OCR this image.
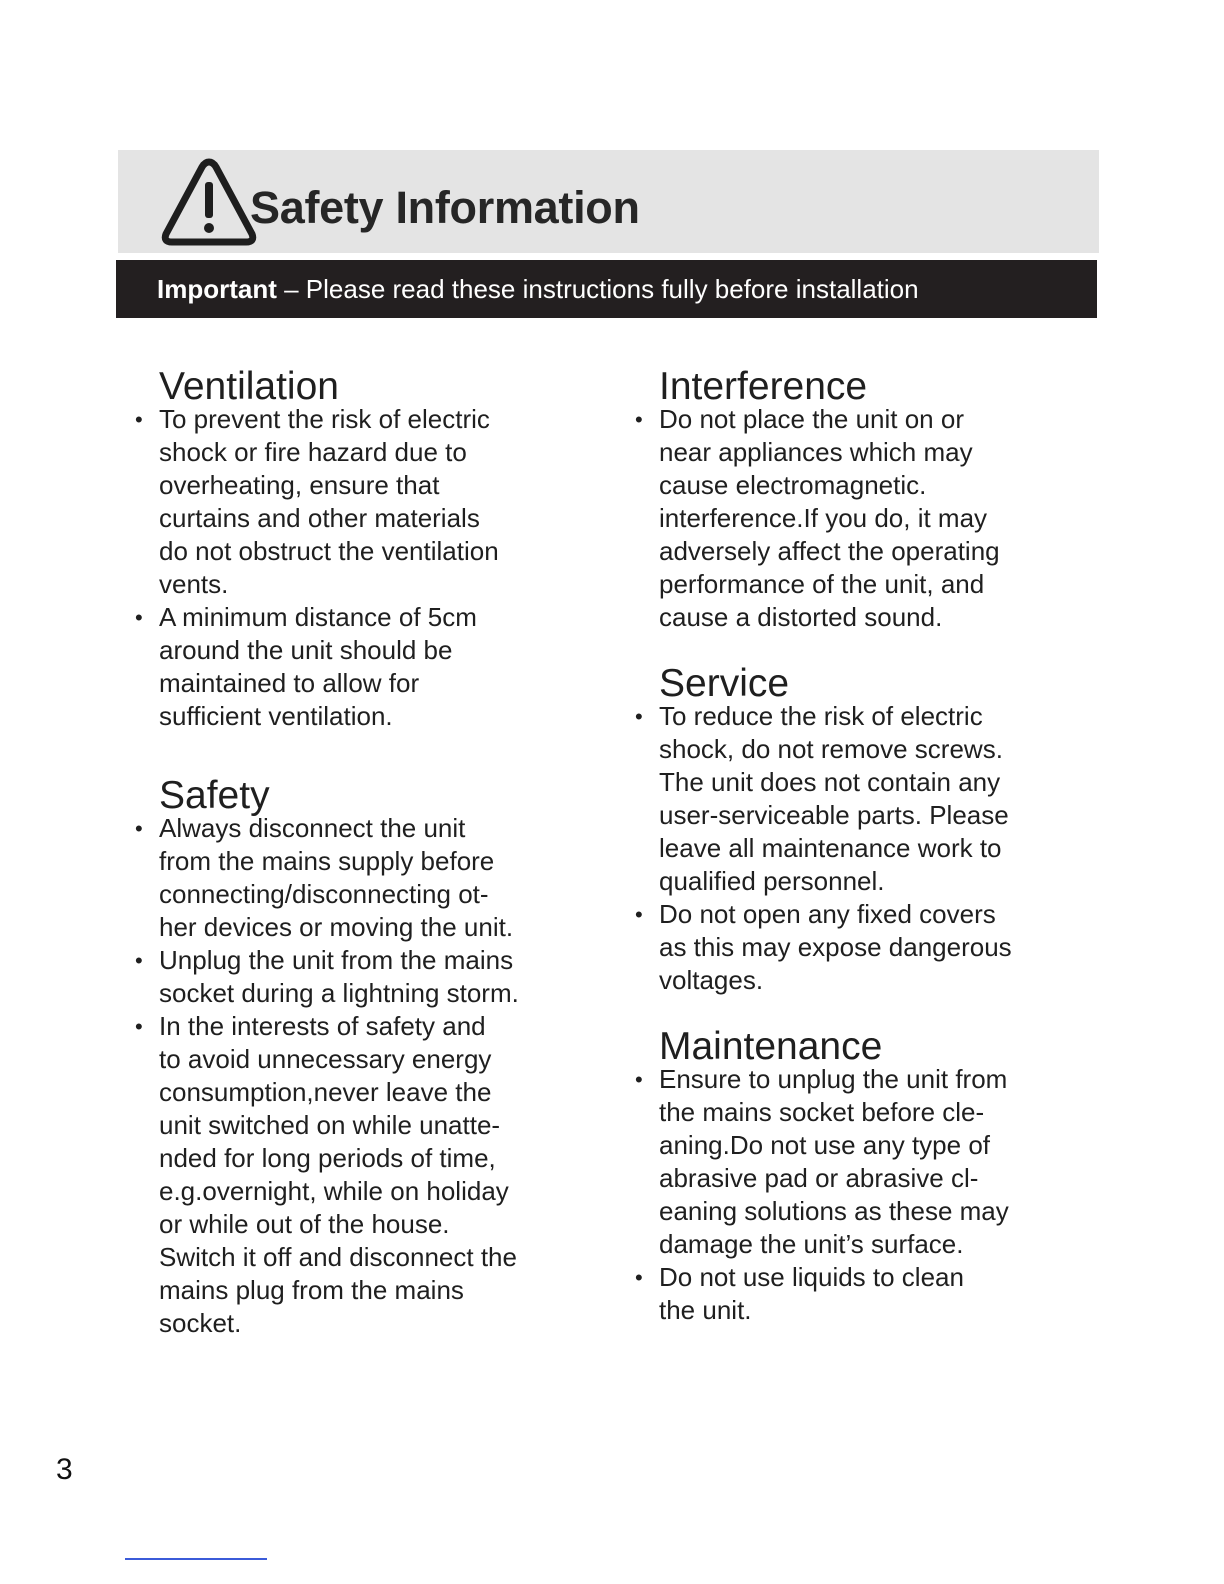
Safety Information
Important – Please read these instructions fully before installation
Ventilation
• To prevent the risk of electric
shock or fire hazard due to
overheating, ensure that
curtains and other materials
do not obstruct the ventilation
vents.
• A minimum distance of 5cm
around the unit should be
maintained to allow for
sufficient ventilation.
Safety
• Always disconnect the unit
from the mains supply before
connecting/disconnecting ot-
her devices or moving the unit.
• Unplug the unit from the mains
socket during a lightning storm.
• In the interests of safety and
to avoid unnecessary energy
consumption,never leave the
unit switched on while unatte-
nded for long periods of time,
e.g.overnight, while on holiday
or while out of the house.
Switch it off and disconnect the
mains plug from the mains
socket.
Interference
• Do not place the unit on or
near appliances which may
cause electromagnetic.
interference.If you do, it may
adversely affect the operating
performance of the unit, and
cause a distorted sound.
Service
• To reduce the risk of electric
shock, do not remove screws.
The unit does not contain any
user-serviceable parts. Please
leave all maintenance work to
qualified personnel.
• Do not open any fixed covers
as this may expose dangerous
voltages.
Maintenance
• Ensure to unplug the unit from
the mains socket before cle-
aning.Do not use any type of
abrasive pad or abrasive cl-
eaning solutions as these may
damage the unit’s surface.
• Do not use liquids to clean
the unit.
3
